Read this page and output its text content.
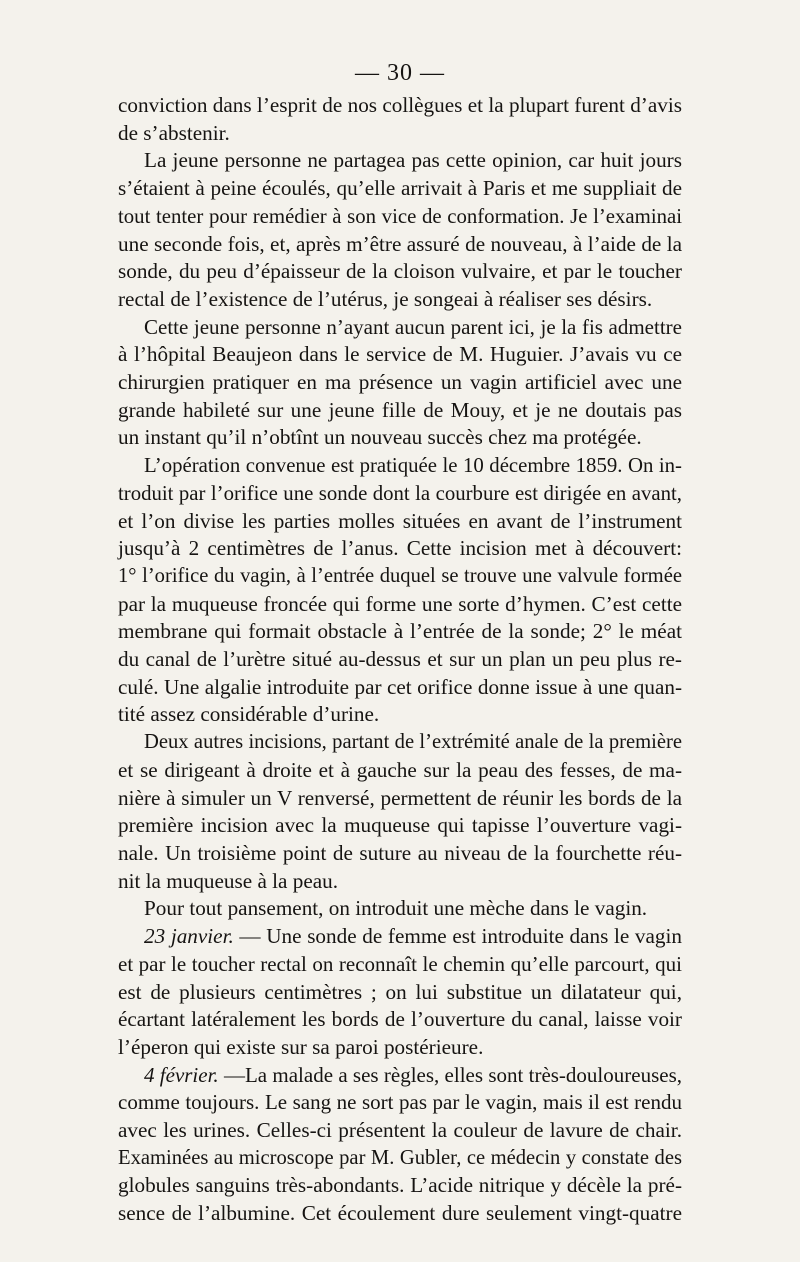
— 30 —
conviction dans l’esprit de nos collègues et la plupart furent d’avis
de s’abstenir.
La jeune personne ne partagea pas cette opinion, car huit jours
s’étaient à peine écoulés, qu’elle arrivait à Paris et me suppliait de
tout tenter pour remédier à son vice de conformation. Je l’examinai
une seconde fois, et, après m’être assuré de nouveau, à l’aide de la
sonde, du peu d’épaisseur de la cloison vulvaire, et par le toucher
rectal de l’existence de l’utérus, je songeai à réaliser ses désirs.
Cette jeune personne n’ayant aucun parent ici, je la fis admettre
à l’hôpital Beaujeon dans le service de M. Huguier. J’avais vu ce
chirurgien pratiquer en ma présence un vagin artificiel avec une
grande habileté sur une jeune fille de Mouy, et je ne doutais pas
un instant qu’il n’obtînt un nouveau succès chez ma protégée.
L’opération convenue est pratiquée le 10 décembre 1859. On in-
troduit par l’orifice une sonde dont la courbure est dirigée en avant,
et l’on divise les parties molles situées en avant de l’instrument
jusqu’à 2 centimètres de l’anus. Cette incision met à découvert:
1° l’orifice du vagin, à l’entrée duquel se trouve une valvule formée
par la muqueuse froncée qui forme une sorte d’hymen. C’est cette
membrane qui formait obstacle à l’entrée de la sonde; 2° le méat
du canal de l’urètre situé au-dessus et sur un plan un peu plus re-
culé. Une algalie introduite par cet orifice donne issue à une quan-
tité assez considérable d’urine.
Deux autres incisions, partant de l’extrémité anale de la première
et se dirigeant à droite et à gauche sur la peau des fesses, de ma-
nière à simuler un V renversé, permettent de réunir les bords de la
première incision avec la muqueuse qui tapisse l’ouverture vagi-
nale. Un troisième point de suture au niveau de la fourchette réu-
nit la muqueuse à la peau.
Pour tout pansement, on introduit une mèche dans le vagin.
23 janvier. — Une sonde de femme est introduite dans le vagin
et par le toucher rectal on reconnaît le chemin qu’elle parcourt, qui
est de plusieurs centimètres ; on lui substitue un dilatateur qui,
écartant latéralement les bords de l’ouverture du canal, laisse voir
l’éperon qui existe sur sa paroi postérieure.
4 février. —La malade a ses règles, elles sont très-douloureuses,
comme toujours. Le sang ne sort pas par le vagin, mais il est rendu
avec les urines. Celles-ci présentent la couleur de lavure de chair.
Examinées au microscope par M. Gubler, ce médecin y constate des
globules sanguins très-abondants. L’acide nitrique y décèle la pré-
sence de l’albumine. Cet écoulement dure seulement vingt-quatre
